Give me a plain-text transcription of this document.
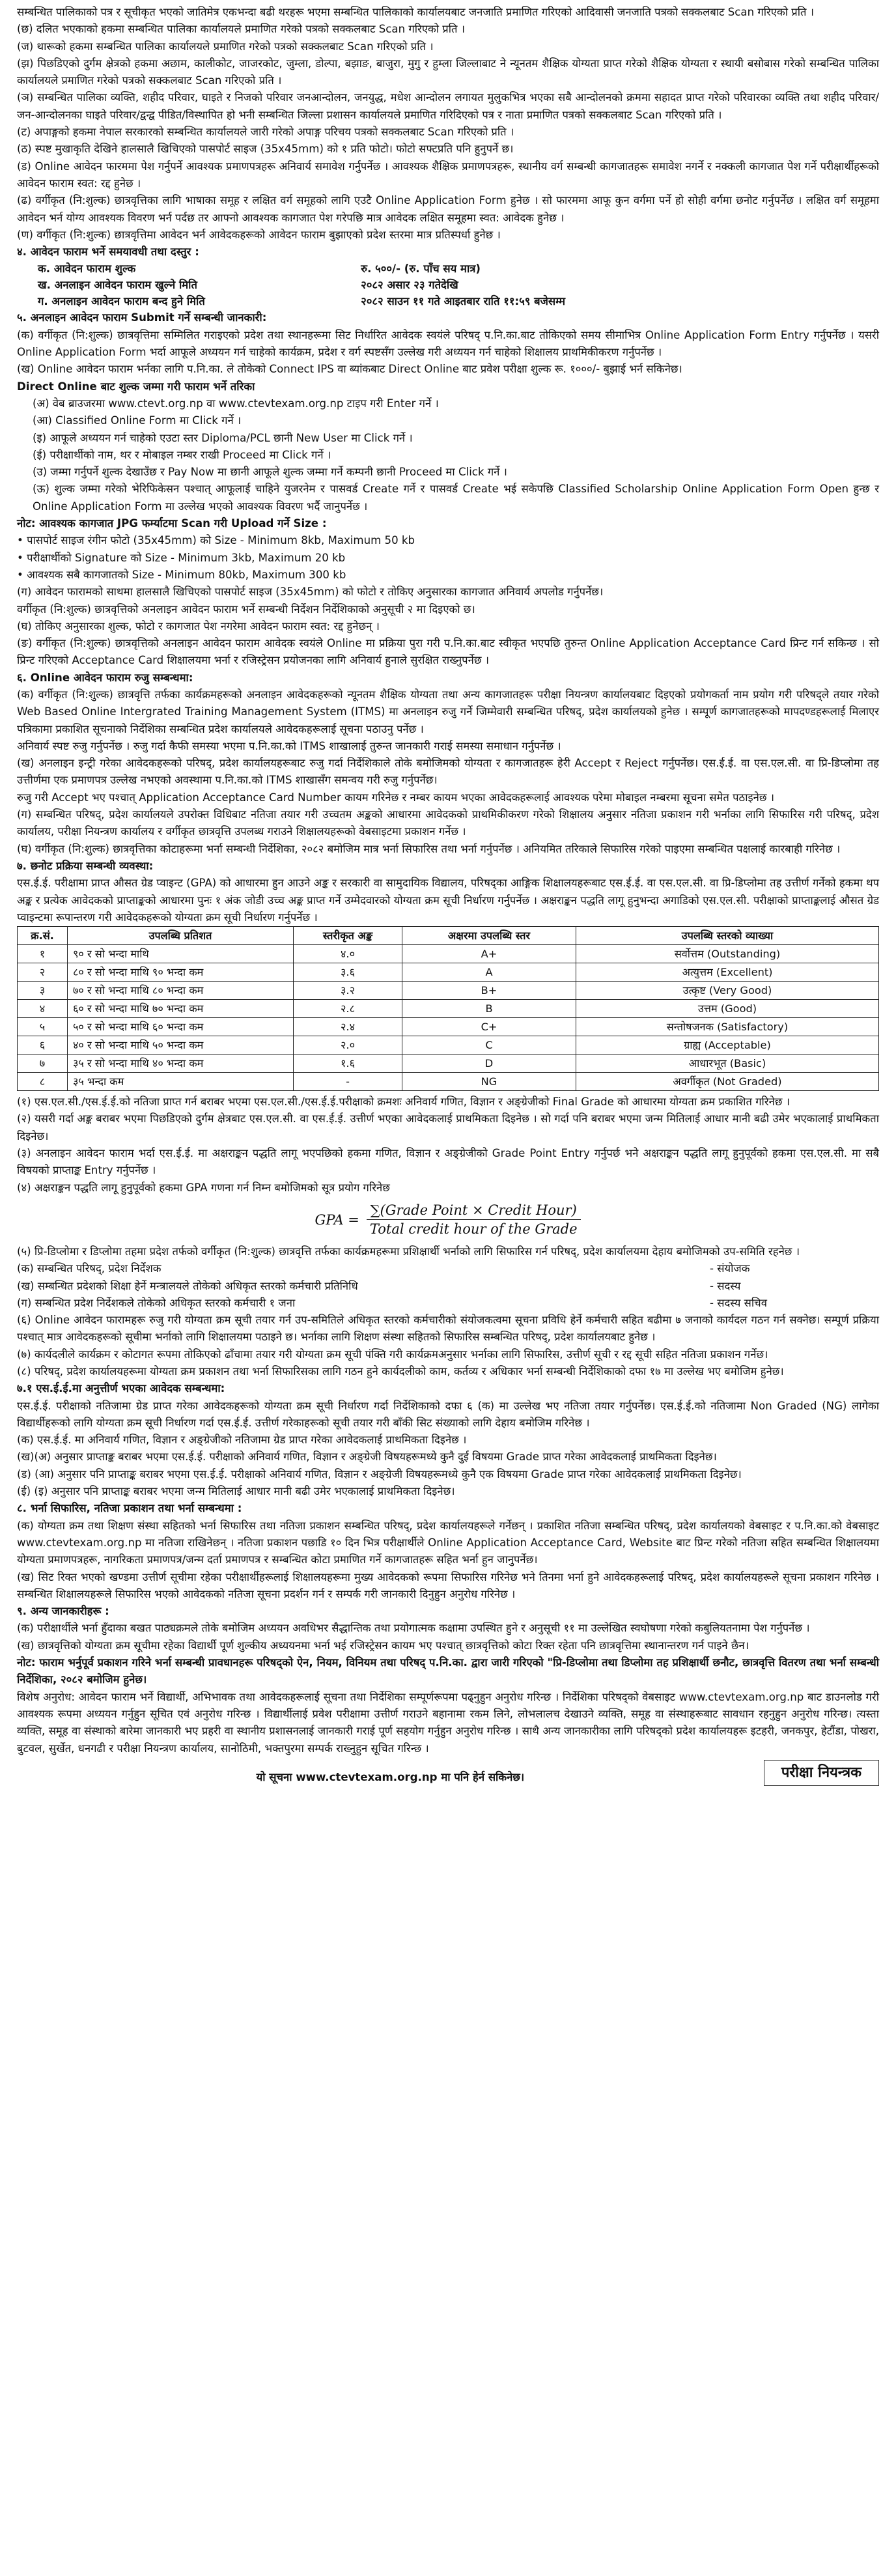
सम्बन्धित पालिकाको पत्र र सूचीकृत भएको जातिमेत्र एकभन्दा बढी थरहरू भएमा सम्बन्धित पालिकाको कार्यालयबाट जनजाति प्रमाणित गरिएको आदिवासी जनजाति पत्रको सक्कलबाट Scan गरिएको प्रति ।

(छ) दलित भएकाको हकमा सम्बन्धित पालिका कार्यालयले प्रमाणित गरेको पत्रको सक्कलबाट Scan गरिएको प्रति ।

(ज) थारूको हकमा सम्बन्धित पालिका कार्यालयले प्रमाणित गरेको पत्रको सक्कलबाट Scan गरिएको प्रति ।

(झ) पिछडिएको दुर्गम क्षेत्रको हकमा अछाम, कालीकोट, जाजरकोट, जुम्ला, डोल्पा, बझाङ, बाजुरा, मुगु र हुम्ला जिल्लाबाट ने न्यूनतम शैक्षिक योग्यता प्राप्त गरेको शैक्षिक योग्यता र स्थायी बसोबास गरेको सम्बन्धित पालिका कार्यालयले प्रमाणित गरेको पत्रको सक्कलबाट Scan गरिएको प्रति ।

(ञ) सम्बन्धित पालिका व्यक्ति, शहीद परिवार, घाइते र निजको परिवार जनआन्दोलन, जनयुद्ध, मधेश आन्दोलन लगायत मुलुकभित्र भएका सबै आन्दोलनको क्रममा सहादत प्राप्त गरेको परिवारका व्यक्ति तथा शहीद परिवार/जन-आन्दोलनका घाइते परिवार/द्वन्द्व पीडित/विस्थापित हो भनी सम्बन्धित जिल्ला प्रशासन कार्यालयले प्रमाणित गरिदिएको पत्र र नाता प्रमाणित पत्रको सक्कलबाट Scan गरिएको प्रति ।

(ट) अपाङ्गको हकमा नेपाल सरकारको सम्बन्धित कार्यालयले जारी गरेको अपाङ्ग परिचय पत्रको सक्कलबाट Scan गरिएको प्रति ।

(ठ) स्पष्ट मुखाकृति देखिने हालसालै खिचिएको पासपोर्ट साइज (35x45mm) को १ प्रति फोटो। फोटो सफ्टप्रति पनि हुनुपर्ने छ।

(ड) Online आवेदन फारममा पेश गर्नुपर्ने आवश्यक प्रमाणपत्रहरू अनिवार्य समावेश गर्नुपर्नेछ । आवश्यक शैक्षिक प्रमाणपत्रहरू, स्थानीय वर्ग सम्बन्धी कागजातहरू समावेश नगर्ने र नक्कली कागजात पेश गर्ने परीक्षार्थीहरूको आवेदन फाराम स्वत: रद्द हुनेछ ।

(ढ) वर्गीकृत (नि:शुल्क) छात्रवृत्तिका लागि भाषाका समूह र लक्षित वर्ग समूहको लागि एउटै Online Application Form हुनेछ । सो फारममा आफू कुन वर्गमा पर्ने हो सोही वर्गमा छनोट गर्नुपर्नेछ । लक्षित वर्ग समूहमा आवेदन भर्न योग्य आवश्यक विवरण भर्न पर्दछ तर आफ्नो आवश्यक कागजात पेश गरेपछि मात्र आवेदक लक्षित समूहमा स्वत: आवेदक हुनेछ ।

(ण) वर्गीकृत (नि:शुल्क) छात्रवृत्तिमा आवेदन भर्न आवेदकहरूको आवेदन फाराम बुझाएको प्रदेश स्तरमा मात्र प्रतिस्पर्धा हुनेछ ।

४. आवेदन फाराम भर्ने समयावधी तथा दस्तुर :

क. आवेदन फाराम शुल्क	रु. ५००/- (रु. पाँच सय मात्र)
ख. अनलाइन आवेदन फाराम खुल्ने मिति	२०८२ असार २३ गतेदेखि
ग. अनलाइन आवेदन फाराम बन्द हुने मिति	२०८२ साउन ११ गते आइतबार राति ११:५९ बजेसम्म

५. अनलाइन आवेदन फाराम Submit गर्ने सम्बन्धी जानकारी:

(क) वर्गीकृत (नि:शुल्क) छात्रवृत्तिमा सम्मिलित गराइएको प्रदेश तथा स्थानहरूमा सिट निर्धारित आवेदक स्वयंले परिषद् प.नि.का.बाट तोकिएको समय सीमाभित्र Online Application Form Entry गर्नुपर्नेछ । यसरी Online Application Form भर्दा आफूले अध्ययन गर्न चाहेको कार्यक्रम, प्रदेश र वर्ग स्पष्टसँग उल्लेख गरी अध्ययन गर्न चाहेको शिक्षालय प्राथमिकीकरण गर्नुपर्नेछ ।

(ख) Online आवेदन फाराम भर्नका लागि प.नि.का. ले तोकेको Connect IPS वा ब्यांकबाट Direct Online बाट प्रवेश परीक्षा शुल्क रू. १०००/- बुझाई भर्न सकिनेछ।

Direct Online बाट शुल्क जम्मा गरी फाराम भर्ने तरिका

(अ) वेब ब्राउजरमा www.ctevt.org.np वा www.ctevtexam.org.np टाइप गरी Enter गर्ने ।

(आ) Classified Online Form मा Click गर्ने ।

(इ) आफूले अध्ययन गर्न चाहेको एउटा स्तर Diploma/PCL छानी New User मा Click गर्ने ।

(ई) परीक्षार्थीको नाम, थर र मोबाइल नम्बर राखी Proceed मा Click गर्ने ।

(उ) जम्मा गर्नुपर्ने शुल्क देखाउँछ र Pay Now मा छानी आफूले शुल्क जम्मा गर्ने कम्पनी छानी Proceed मा Click गर्ने ।

(ऊ) शुल्क जम्मा गरेको भेरिफिकेसन पश्चात् आफूलाई चाहिने युजरनेम र पासवर्ड Create गर्ने र पासवर्ड Create भई सकेपछि Classified Scholarship Online Application Form Open हुन्छ र Online Application Form मा उल्लेख भएको आवश्यक विवरण भर्दै जानुपर्नेछ ।

नोट: आवश्यक कागजात JPG फर्म्याटमा Scan गरी Upload गर्ने Size :

• पासपोर्ट साइज रंगीन फोटो (35x45mm) को Size - Minimum 8kb, Maximum 50 kb

• परीक्षार्थीको Signature को Size - Minimum 3kb, Maximum 20 kb

• आवश्यक सबै कागजातको Size - Minimum 80kb, Maximum 300 kb

(ग) आवेदन फारामको साथमा हालसालै खिचिएको पासपोर्ट साइज (35x45mm) को फोटो र तोकिए अनुसारका कागजात अनिवार्य अपलोड गर्नुपर्नेछ।

वर्गीकृत (नि:शुल्क) छात्रवृत्तिको अनलाइन आवेदन फाराम भर्ने सम्बन्धी निर्देशन निर्देशिकाको अनुसूची २ मा दिइएको छ।

(घ) तोकिए अनुसारका शुल्क, फोटो र कागजात पेश नगरेमा आवेदन फाराम स्वत: रद्द हुनेछन् ।

(ङ) वर्गीकृत (नि:शुल्क) छात्रवृत्तिको अनलाइन आवेदन फाराम आवेदक स्वयंले Online मा प्रक्रिया पुरा गरी प.नि.का.बाट स्वीकृत भएपछि तुरुन्त Online Application Acceptance Card प्रिन्ट गर्न सकिन्छ । सो प्रिन्ट गरिएको Acceptance Card शिक्षालयमा भर्ना र रजिस्ट्रेसन प्रयोजनका लागि अनिवार्य हुनाले सुरक्षित राख्नुपर्नेछ ।

६. Online आवेदन फाराम रुजु सम्बन्धमा:

(क) वर्गीकृत (नि:शुल्क) छात्रवृत्ति तर्फका कार्यक्रमहरूको अनलाइन आवेदकहरूको न्यूनतम शैक्षिक योग्यता तथा अन्य कागजातहरू परीक्षा नियन्त्रण कार्यालयबाट दिइएको प्रयोगकर्ता नाम प्रयोग गरी परिषद्ले तयार गरेको Web Based Online Intergrated Training Management System (ITMS) मा अनलाइन रुजु गर्ने जिम्मेवारी सम्बन्धित परिषद्, प्रदेश कार्यालयको हुनेछ । सम्पूर्ण कागजातहरूको मापदण्डहरूलाई मिलाएर पत्रिकामा प्रकाशित सूचनाको निर्देशिका सम्बन्धित प्रदेश कार्यालयले आवेदकहरूलाई सूचना पठाउनु पर्नेछ ।

अनिवार्य स्पष्ट रुजु गर्नुपर्नेछ । रुजु गर्दा कैफी समस्या भएमा प.नि.का.को ITMS शाखालाई तुरुन्त जानकारी गराई समस्या समाधान गर्नुपर्नेछ ।

(ख) अनलाइन इन्ट्री गरेका आवेदकहरूको परिषद्, प्रदेश कार्यालयहरूबाट रुजु गर्दा निर्देशिकाले तोके बमोजिमको योग्यता र कागजातहरू हेरी Accept र Reject गर्नुपर्नेछ। एस.ई.ई. वा एस.एल.सी. वा प्रि-डिप्लोमा तह उत्तीर्णमा एक प्रमाणपत्र उल्लेख नभएको अवस्थामा प.नि.का.को ITMS शाखासँग समन्वय गरी रुजु गर्नुपर्नेछ।

रुजु गरी Accept भए पश्चात् Application Acceptance Card Number कायम गरिनेछ र नम्बर कायम भएका आवेदकहरूलाई आवश्यक परेमा मोबाइल नम्बरमा सूचना समेत पठाइनेछ ।

(ग) सम्बन्धित परिषद्, प्रदेश कार्यालयले उपरोक्त विधिबाट नतिजा तयार गरी उच्चतम अङ्कको आधारमा आवेदकको प्राथमिकीकरण गरेको शिक्षालय अनुसार नतिजा प्रकाशन गरी भर्नाका लागि सिफारिस गरी परिषद्, प्रदेश कार्यालय, परीक्षा नियन्त्रण कार्यालय र वर्गीकृत छात्रवृत्ति उपलब्ध गराउने शिक्षालयहरूको वेबसाइटमा प्रकाशन गर्नेछ ।

(घ) वर्गीकृत (नि:शुल्क) छात्रवृत्तिका कोटाहरूमा भर्ना सम्बन्धी निर्देशिका, २०८२ बमोजिम मात्र भर्ना सिफारिस तथा भर्ना गर्नुपर्नेछ । अनियमित तरिकाले सिफारिस गरेको पाइएमा सम्बन्धित पक्षलाई कारबाही गरिनेछ ।

७. छनोट प्रक्रिया सम्बन्धी व्यवस्था:

एस.ई.ई. परीक्षामा प्राप्त औसत ग्रेड प्वाइन्ट (GPA) को आधारमा हुन आउने अङ्क र सरकारी वा सामुदायिक विद्यालय, परिषद्का आङ्गिक शिक्षालयहरूबाट एस.ई.ई. वा एस.एल.सी. वा प्रि-डिप्लोमा तह उत्तीर्ण गर्नेको हकमा थप अङ्क र प्रत्येक आवेदकको प्राप्ताङ्कको आधारमा पुनः १ अंक जोडी उच्च अङ्क प्राप्त गर्ने उम्मेदवारको योग्यता क्रम सूची निर्धारण गर्नुपर्नेछ । अक्षराङ्कन पद्धति लागू हुनुभन्दा अगाडिको एस.एल.सी. परीक्षाको प्राप्ताङ्कलाई औसत ग्रेड प्वाइन्टमा रूपान्तरण गरी आवेदकहरूको योग्यता क्रम सूची निर्धारण गर्नुपर्नेछ ।

क्र.सं.	उपलब्धि प्रतिशत	स्तरीकृत अङ्क	अक्षरमा उपलब्धि स्तर	उपलब्धि स्तरको व्याख्या
१	९० र सो भन्दा माथि	४.०	A+	सर्वोत्तम (Outstanding)
२	८० र सो भन्दा माथि ९० भन्दा कम	३.६	A	अत्युत्तम (Excellent)
३	७० र सो भन्दा माथि ८० भन्दा कम	३.२	B+	उत्कृष्ट (Very Good)
४	६० र सो भन्दा माथि ७० भन्दा कम	२.८	B	उत्तम (Good)
५	५० र सो भन्दा माथि ६० भन्दा कम	२.४	C+	सन्तोषजनक (Satisfactory)
६	४० र सो भन्दा माथि ५० भन्दा कम	२.०	C	ग्राह्य (Acceptable)
७	३५ र सो भन्दा माथि ४० भन्दा कम	१.६	D	आधारभूत (Basic)
८	३५ भन्दा कम	-	NG	अवर्गीकृत (Not Graded)

(१) एस.एल.सी./एस.ई.ई.को नतिजा प्राप्त गर्न बराबर भएमा एस.एल.सी./एस.ई.ई.परीक्षाको क्रमशः अनिवार्य गणित, विज्ञान र अङ्ग्रेजीको Final Grade को आधारमा योग्यता क्रम प्रकाशित गरिनेछ ।

(२) यसरी गर्दा अङ्क बराबर भएमा पिछडिएको दुर्गम क्षेत्रबाट एस.एल.सी. वा एस.ई.ई. उत्तीर्ण भएका आवेदकलाई प्राथमिकता दिइनेछ । सो गर्दा पनि बराबर भएमा जन्म मितिलाई आधार मानी बढी उमेर भएकालाई प्राथमिकता दिइनेछ।

(३) अनलाइन आवेदन फाराम भर्दा एस.ई.ई. मा अक्षराङ्कन पद्धति लागू भएपछिको हकमा गणित, विज्ञान र अङ्ग्रेजीको Grade Point Entry गर्नुपर्छ भने अक्षराङ्कन पद्धति लागू हुनुपूर्वको हकमा एस.एल.सी. मा सबै विषयको प्राप्ताङ्क Entry गर्नुपर्नेछ ।

(४) अक्षराङ्कन पद्धति लागू हुनुपूर्वको हकमा GPA गणना गर्न निम्न बमोजिमको सूत्र प्रयोग गरिनेछ

GPA = $\frac{\text{∑(Grade Point × Credit Hour)}}{\text{Total credit hour of the Grade}}$

(५) प्रि-डिप्लोमा र डिप्लोमा तहमा प्रदेश तर्फको वर्गीकृत (नि:शुल्क) छात्रवृत्ति तर्फका कार्यक्रमहरूमा प्रशिक्षार्थी भर्नाको लागि सिफारिस गर्न परिषद्, प्रदेश कार्यालयमा देहाय बमोजिमको उप-समिति रहनेछ ।

(क) सम्बन्धित परिषद्, प्रदेश निर्देशक	- संयोजक
(ख) सम्बन्धित प्रदेशको शिक्षा हेर्ने मन्त्रालयले तोकेको अधिकृत स्तरको कर्मचारी प्रतिनिधि	- सदस्य
(ग) सम्बन्धित प्रदेश निर्देशकले तोकेको अधिकृत स्तरको कर्मचारी १ जना	- सदस्य सचिव

(६) Online आवेदन फारामहरू रुजु गरी योग्यता क्रम सूची तयार गर्न उप-समितिले अधिकृत स्तरको कर्मचारीको संयोजकत्वमा सूचना प्रविधि हेर्ने कर्मचारी सहित बढीमा ७ जनाको कार्यदल गठन गर्न सक्नेछ। सम्पूर्ण प्रक्रिया पश्चात् मात्र आवेदकहरूको सूचीमा भर्नाको लागि शिक्षालयमा पठाइने छ। भर्नाका लागि शिक्षण संस्था सहितको सिफारिस सम्बन्धित परिषद्, प्रदेश कार्यालयबाट हुनेछ ।

(७) कार्यदलीले कार्यक्रम र कोटागत रूपमा तोकिएको ढाँचामा तयार गरी योग्यता क्रम सूची पंक्ति गरी कार्यक्रमअनुसार भर्नाका लागि सिफारिस, उत्तीर्ण सूची र रद्द सूची सहित नतिजा प्रकाशन गर्नेछ।

(८) परिषद्, प्रदेश कार्यालयहरूमा योग्यता क्रम प्रकाशन तथा भर्ना सिफारिसका लागि गठन हुने कार्यदलीको काम, कर्तव्य र अधिकार भर्ना सम्बन्धी निर्देशिकाको दफा १७ मा उल्लेख भए बमोजिम हुनेछ।

७.१ एस.ई.ई.मा अनुत्तीर्ण भएका आवेदक सम्बन्धमा:

एस.ई.ई. परीक्षाको नतिजामा ग्रेड प्राप्त गरेका आवेदकहरूको योग्यता क्रम सूची निर्धारण गर्दा निर्देशिकाको दफा ६ (क) मा उल्लेख भए नतिजा तयार गर्नुपर्नेछ। एस.ई.ई.को नतिजामा Non Graded (NG) लागेका विद्यार्थीहरूको लागि योग्यता क्रम सूची निर्धारण गर्दा एस.ई.ई. उत्तीर्ण गरेकाहरूको सूची तयार गरी बाँकी सिट संख्याको लागि देहाय बमोजिम गरिनेछ ।

(क) एस.ई.ई. मा अनिवार्य गणित, विज्ञान र अङ्ग्रेजीको नतिजामा ग्रेड प्राप्त गरेका आवेदकलाई प्राथमिकता दिइनेछ ।

(ख)(अ) अनुसार प्राप्ताङ्क बराबर भएमा एस.ई.ई. परीक्षाको अनिवार्य गणित, विज्ञान र अङ्ग्रेजी विषयहरूमध्ये कुनै दुई विषयमा Grade प्राप्त गरेका आवेदकलाई प्राथमिकता दिइनेछ।

(ड) (आ) अनुसार पनि प्राप्ताङ्क बराबर भएमा एस.ई.ई. परीक्षाको अनिवार्य गणित, विज्ञान र अङ्ग्रेजी विषयहरूमध्ये कुनै एक विषयमा Grade प्राप्त गरेका आवेदकलाई प्राथमिकता दिइनेछ।

(ई) (इ) अनुसार पनि प्राप्ताङ्क बराबर भएमा जन्म मितिलाई आधार मानी बढी उमेर भएकालाई प्राथमिकता दिइनेछ।

८. भर्ना सिफारिस, नतिजा प्रकाशन तथा भर्ना सम्बन्धमा :

(क) योग्यता क्रम तथा शिक्षण संस्था सहितको भर्ना सिफारिस तथा नतिजा प्रकाशन सम्बन्धित परिषद्, प्रदेश कार्यालयहरूले गर्नेछन् । प्रकाशित नतिजा सम्बन्धित परिषद्, प्रदेश कार्यालयको वेबसाइट र प.नि.का.को वेबसाइट www.ctevtexam.org.np मा नतिजा राखिनेछन् । नतिजा प्रकाशन पछाडि १० दिन भित्र परीक्षार्थीले Online Application Acceptance Card, Website बाट प्रिन्ट गरेको नतिजा सहित सम्बन्धित शिक्षालयमा योग्यता प्रमाणपत्रहरू, नागरिकता प्रमाणपत्र/जन्म दर्ता प्रमाणपत्र र सम्बन्धित कोटा प्रमाणित गर्ने कागजातहरू सहित भर्ना हुन जानुपर्नेछ।

(ख) सिट रिक्त भएको खण्डमा उत्तीर्ण सूचीमा रहेका परीक्षार्थीहरूलाई शिक्षालयहरूमा मुख्य आवेदकको रूपमा सिफारिस गरिनेछ भने तिनमा भर्ना हुने आवेदकहरूलाई परिषद्, प्रदेश कार्यालयहरूले सूचना प्रकाशन गरिनेछ । सम्बन्धित शिक्षालयहरूले सिफारिस भएको आवेदकको नतिजा सूचना प्रदर्शन गर्न र सम्पर्क गरी जानकारी दिनुहुन अनुरोध गरिनेछ ।

९. अन्य जानकारीहरू :

(क) परीक्षार्थीले भर्ना हुँदाका बखत पाठ्यक्रमले तोके बमोजिम अध्ययन अवधिभर सैद्धान्तिक तथा प्रयोगात्मक कक्षामा उपस्थित हुने र अनुसूची ११ मा उल्लेखित स्वघोषणा गरेको कबुलियतनामा पेश गर्नुपर्नेछ ।

(ख) छात्रवृत्तिको योग्यता क्रम सूचीमा रहेका विद्यार्थी पूर्ण शुल्कीय अध्ययनमा भर्ना भई रजिस्ट्रेसन कायम भए पश्चात् छात्रवृत्तिको कोटा रिक्त रहेता पनि छात्रवृत्तिमा स्थानान्तरण गर्न पाइने छैन।

नोट: फाराम भर्नुपूर्व प्रकाशन गरिने भर्ना सम्बन्धी प्रावधानहरू परिषद्को ऐन, नियम, विनियम तथा परिषद् प.नि.का. द्वारा जारी गरिएको "प्रि-डिप्लोमा तथा डिप्लोमा तह प्रशिक्षार्थी छनौट, छात्रवृत्ति वितरण तथा भर्ना सम्बन्धी निर्देशिका, २०८२ बमोजिम हुनेछ।

विशेष अनुरोध: आवेदन फाराम भर्ने विद्यार्थी, अभिभावक तथा आवेदकहरूलाई सूचना तथा निर्देशिका सम्पूर्णरूपमा पढ्नुहुन अनुरोध गरिन्छ । निर्देशिका परिषद्को वेबसाइट www.ctevtexam.org.np बाट डाउनलोड गरी आवश्यक रूपमा अध्ययन गर्नुहुन सूचित एवं अनुरोध गरिन्छ । विद्यार्थीलाई प्रवेश परीक्षामा उत्तीर्ण गराउने बहानामा रकम लिने, लोभलालच देखाउने व्यक्ति, समूह वा संस्थाहरूबाट सावधान रहनुहुन अनुरोध गरिन्छ। त्यस्ता व्यक्ति, समूह वा संस्थाको बारेमा जानकारी भए प्रहरी वा स्थानीय प्रशासनलाई जानकारी गराई पूर्ण सहयोग गर्नुहुन अनुरोध गरिन्छ । साथै अन्य जानकारीका लागि परिषद्को प्रदेश कार्यालयहरू इटहरी, जनकपुर, हेटौंडा, पोखरा, बुटवल, सुर्खेत, धनगढी र परीक्षा नियन्त्रण कार्यालय, सानोठिमी, भक्तपुरमा सम्पर्क राख्नुहुन सूचित गरिन्छ ।

यो सूचना www.ctevtexam.org.np मा पनि हेर्न सकिनेछ।	परीक्षा नियन्त्रक
